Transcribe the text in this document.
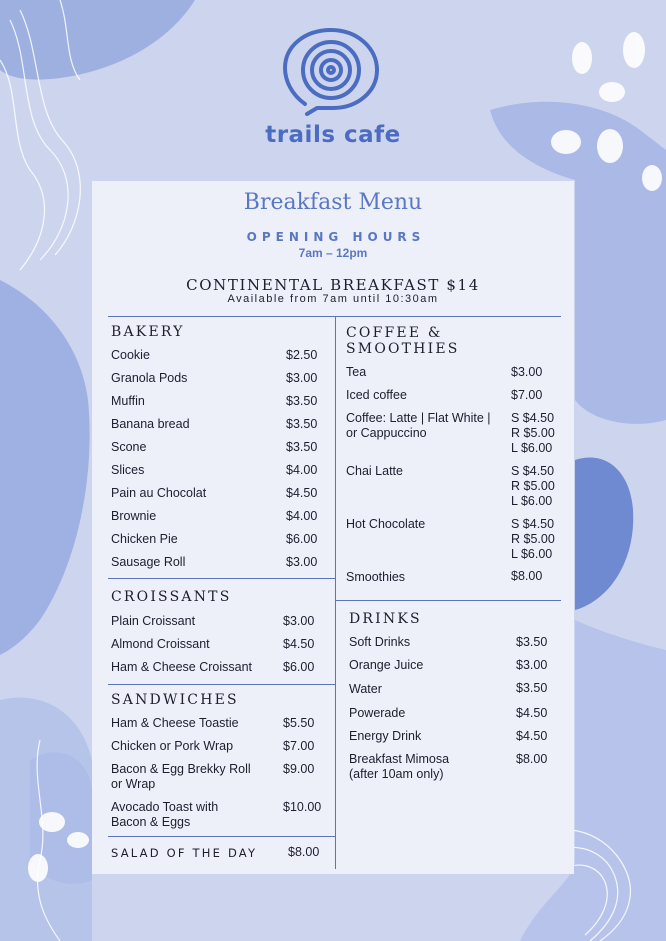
trails cafe
Breakfast Menu
OPENING HOURS
7am – 12pm
CONTINENTAL BREAKFAST $14
Available from 7am until 10:30am
BAKERY
Cookie	$2.50
Granola Pods	$3.00
Muffin	$3.50
Banana bread	$3.50
Scone	$3.50
Slices	$4.00
Pain au Chocolat	$4.50
Brownie	$4.00
Chicken Pie	$6.00
Sausage Roll	$3.00
CROISSANTS
Plain Croissant	$3.00
Almond Croissant	$4.50
Ham & Cheese Croissant $6.00
SANDWICHES
Ham & Cheese Toastie	$5.50
Chicken or Pork Wrap	$7.00
Bacon & Egg Brekky Roll
or Wrap
$9.00
Avocado Toast with
Bacon & Eggs
$10.00
SALAD OF THE DAY $8.00
COFFEE &
SMOOTHIES
Tea	$3.00
Iced coffee	$7.00
Coffee: Latte | Flat White |
or Cappuccino
S $4.50
R $5.00
L $6.00
Chai Latte	S $4.50
R $5.00
L $6.00
Hot Chocolate	S $4.50
R $5.00
L $6.00
Smoothies	$8.00
DRINKS
Soft Drinks	$3.50
Orange Juice	$3.00
Water	$3.50
Powerade	$4.50
Energy Drink	$4.50
Breakfast Mimosa
(after 10am only)
$8.00
